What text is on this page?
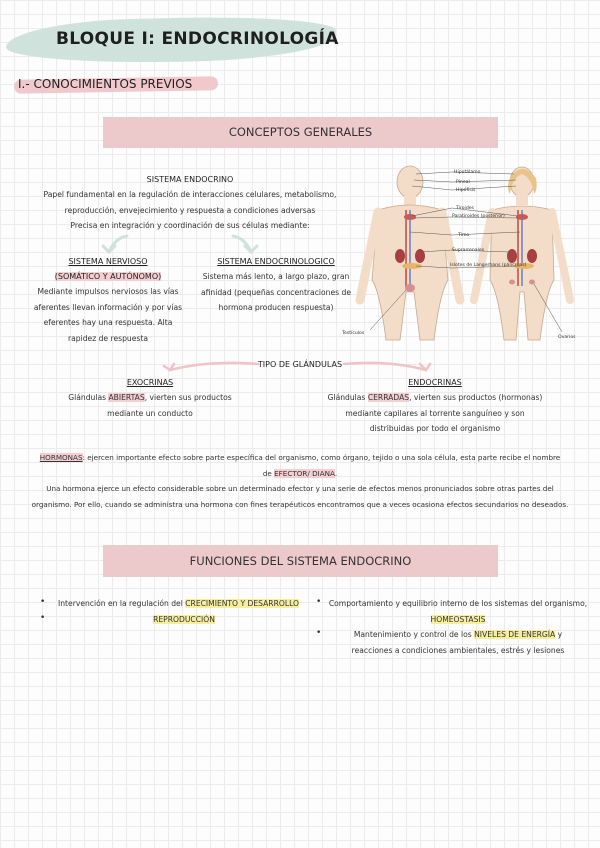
BLOQUE I: ENDOCRINOLOGÍA
I.- CONOCIMIENTOS PREVIOS
CONCEPTOS GENERALES
SISTEMA ENDOCRINO
Papel fundamental en la regulación de interacciones celulares, metabolismo,
reproducción, envejecimiento y respuesta a condiciones adversas
Precisa en integración y coordinación de sus células mediante:
SISTEMA NERVIOSO
(SOMÁTICO Y AUTÓNOMO)
Mediante impulsos nerviosos las vías
aferentes llevan información y por vías
eferentes hay una respuesta. Alta
rapidez de respuesta
SISTEMA ENDOCRINOLOGICO
Sistema más lento, a largo plazo, gran
afinidad (pequeñas concentraciones de
hormona producen respuesta)
Hipotálamo
Pineal
Hipófisis
Tiroides
Paratiroides (posterior)
Timo
Suprarrenales
Islotes de Langerhans (páncreas)
Testículos
Ovarios
TIPO DE GLÁNDULAS
EXOCRINAS
Glándulas ABIERTAS, vierten sus productos
mediante un conducto
ENDOCRINAS
Glándulas CERRADAS, vierten sus productos (hormonas)
mediante capilares al torrente sanguíneo y son
distribuidas por todo el organismo
HORMONAS: ejercen importante efecto sobre parte específica del organismo, como órgano, tejido o una sola célula, esta parte recibe el nombre
de EFECTOR/ DIANA.
Una hormona ejerce un efecto considerable sobre un determinado efector y una serie de efectos menos pronunciados sobre otras partes del
organismo. Por ello, cuando se administra una hormona con fines terapéuticos encontramos que a veces ocasiona efectos secundarios no deseados.
FUNCIONES DEL SISTEMA ENDOCRINO
• Intervención en la regulación del CRECIMIENTO Y DESARROLLO
•	REPRODUCCIÓN
• Comportamiento y equilibrio interno de los sistemas del organismo,
HOMEOSTASIS
•	Mantenimiento y control de los NIVELES DE ENERGÍA y
reacciones a condiciones ambientales, estrés y lesiones
